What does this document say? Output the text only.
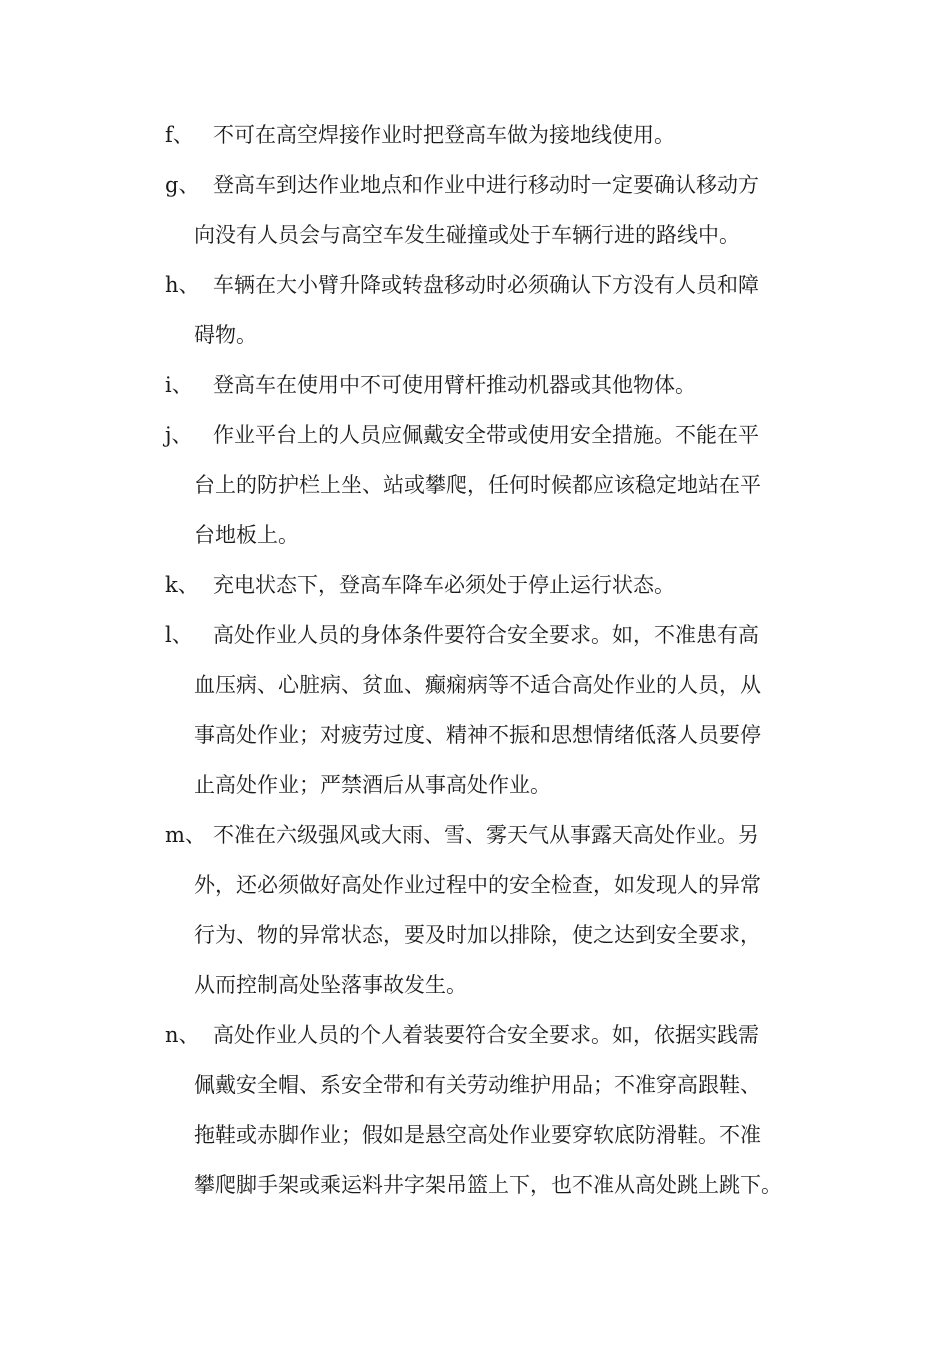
f、 不可在高空焊接作业时把登高车做为接地线使用。
g、 登高车到达作业地点和作业中进行移动时一定要确认移动方
向没有人员会与高空车发生碰撞或处于车辆行进的路线中。
h、 车辆在大小臂升降或转盘移动时必须确认下方没有人员和障
碍物。
i、 登高车在使用中不可使用臂杆推动机器或其他物体。
j、 作业平台上的人员应佩戴安全带或使用安全措施。不能在平
台上的防护栏上坐、站或攀爬，任何时候都应该稳定地站在平
台地板上。
k、 充电状态下，登高车降车必须处于停止运行状态。
l、 高处作业人员的身体条件要符合安全要求。如，不准患有高
血压病、心脏病、贫血、癫痫病等不适合高处作业的人员，从
事高处作业；对疲劳过度、精神不振和思想情绪低落人员要停
止高处作业；严禁酒后从事高处作业。
m、 不准在六级强风或大雨、雪、雾天气从事露天高处作业。另
外，还必须做好高处作业过程中的安全检查，如发现人的异常
行为、物的异常状态，要及时加以排除，使之达到安全要求，
从而控制高处坠落事故发生。
n、 高处作业人员的个人着装要符合安全要求。如，依据实践需
佩戴安全帽、系安全带和有关劳动维护用品；不准穿高跟鞋、
拖鞋或赤脚作业；假如是悬空高处作业要穿软底防滑鞋。不准
攀爬脚手架或乘运料井字架吊篮上下，也不准从高处跳上跳下。
